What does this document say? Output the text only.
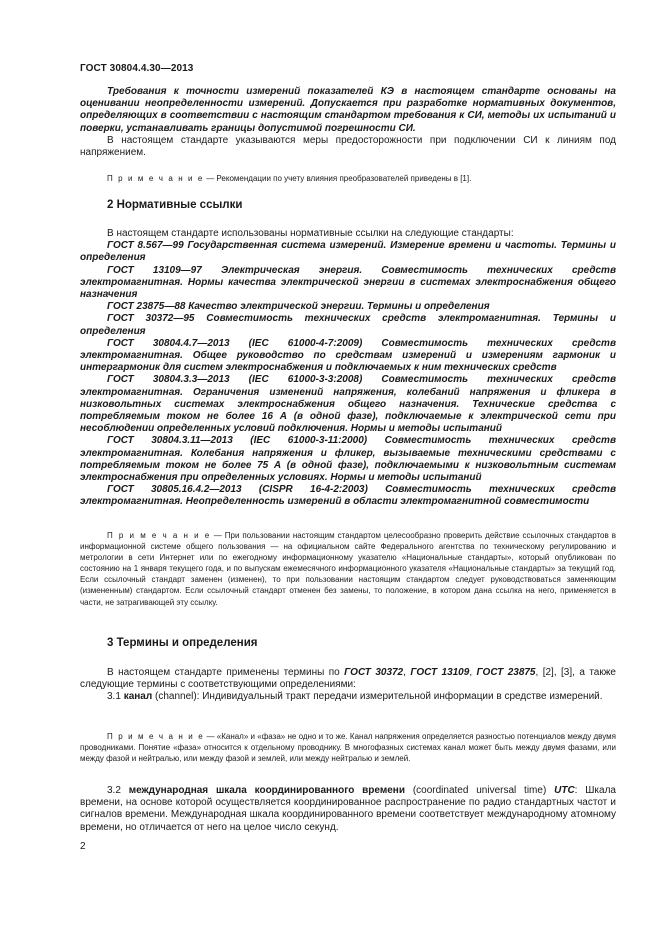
ГОСТ 30804.4.30—2013

Требования к точности измерений показателей КЭ в настоящем стандарте основаны на оценивании неопределенности измерений. Допускается при разработке нормативных документов, определяющих в соответствии с настоящим стандартом требования к СИ, методы их испытаний и поверки, устанавливать границы допустимой погрешности СИ.

В настоящем стандарте указываются меры предосторожности при подключении СИ к линиям под напряжением.

П р и м е ч а н и е — Рекомендации по учету влияния преобразователей приведены в [1].

2 Нормативные ссылки

В настоящем стандарте использованы нормативные ссылки на следующие стандарты:

ГОСТ 8.567—99 Государственная система измерений. Измерение времени и частоты. Термины и определения

ГОСТ 13109—97 Электрическая энергия. Совместимость технических средств электромагнитная. Нормы качества электрической энергии в системах электроснабжения общего назначения

ГОСТ 23875—88 Качество электрической энергии. Термины и определения

ГОСТ 30372—95 Совместимость технических средств электромагнитная. Термины и определения

ГОСТ 30804.4.7—2013 (IEC 61000-4-7:2009) Совместимость технических средств электромагнитная. Общее руководство по средствам измерений и измерениям гармоник и интергармоник для систем электроснабжения и подключаемых к ним технических средств

ГОСТ 30804.3.3—2013 (IEC 61000-3-3:2008) Совместимость технических средств электромагнитная. Ограничения изменений напряжения, колебаний напряжения и фликера в низковольтных системах электроснабжения общего назначения. Технические средства с потребляемым током не более 16 А (в одной фазе), подключаемые к электрической сети при несоблюдении определенных условий подключения. Нормы и методы испытаний

ГОСТ 30804.3.11—2013 (IEC 61000-3-11:2000) Совместимость технических средств электромагнитная. Колебания напряжения и фликер, вызываемые техническими средствами с потребляемым током не более 75 А (в одной фазе), подключаемыми к низковольтным системам электроснабжения при определенных условиях. Нормы и методы испытаний

ГОСТ 30805.16.4.2—2013 (CISPR 16-4-2:2003) Совместимость технических средств электромагнитная. Неопределенность измерений в области электромагнитной совместимости

П р и м е ч а н и е — При пользовании настоящим стандартом целесообразно проверить действие ссылочных стандартов в информационной системе общего пользования — на официальном сайте Федерального агентства по техническому регулированию и метрологии в сети Интернет или по ежегодному информационному указателю «Национальные стандарты», который опубликован по состоянию на 1 января текущего года, и по выпускам ежемесячного информационного указателя «Национальные стандарты» за текущий год. Если ссылочный стандарт заменен (изменен), то при пользовании настоящим стандартом следует руководствоваться заменяющим (измененным) стандартом. Если ссылочный стандарт отменен без замены, то положение, в котором дана ссылка на него, применяется в части, не затрагивающей эту ссылку.

3 Термины и определения

В настоящем стандарте применены термины по ГОСТ 30372, ГОСТ 13109, ГОСТ 23875, [2], [3], а также следующие термины с соответствующими определениями:

3.1 канал (channel): Индивидуальный тракт передачи измерительной информации в средстве измерений.

П р и м е ч а н и е — «Канал» и «фаза» не одно и то же. Канал напряжения определяется разностью потенциалов между двумя проводниками. Понятие «фаза» относится к отдельному проводнику. В многофазных системах канал может быть между двумя фазами, или между фазой и нейтралью, или между фазой и землей, или между нейтралью и землей.

3.2 международная шкала координированного времени (coordinated universal time) UTC: Шкала времени, на основе которой осуществляется координированное распространение по радио стандартных частот и сигналов времени. Международная шкала координированного времени соответствует международному атомному времени, но отличается от него на целое число секунд.

2
